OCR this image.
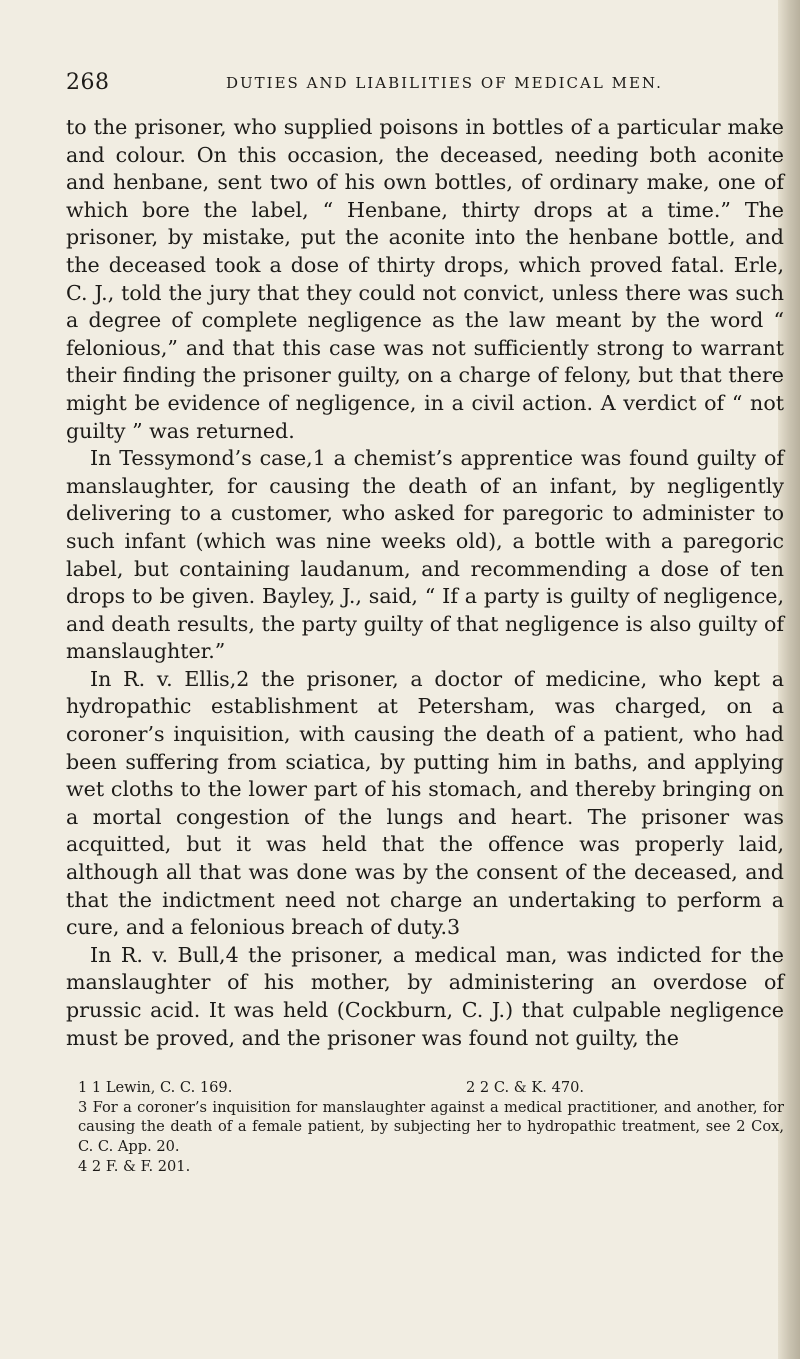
268	DUTIES AND LIABILITIES OF MEDICAL MEN.

to the prisoner, who supplied poisons in bottles of a particular make and colour. On this occasion, the deceased, needing both aconite and henbane, sent two of his own bottles, of ordinary make, one of which bore the label, “ Henbane, thirty drops at a time.” The prisoner, by mistake, put the aconite into the henbane bottle, and the deceased took a dose of thirty drops, which proved fatal. Erle, C. J., told the jury that they could not convict, unless there was such a degree of complete negligence as the law meant by the word “ felonious,” and that this case was not sufficiently strong to warrant their finding the prisoner guilty, on a charge of felony, but that there might be evidence of negligence, in a civil action. A verdict of “ not guilty ” was returned.

In Tessymond’s case,1 a chemist’s apprentice was found guilty of manslaughter, for causing the death of an infant, by negligently delivering to a customer, who asked for paregoric to administer to such infant (which was nine weeks old), a bottle with a paregoric label, but containing laudanum, and recommending a dose of ten drops to be given. Bayley, J., said, “ If a party is guilty of negligence, and death results, the party guilty of that negligence is also guilty of manslaughter.”

In R. v. Ellis,2 the prisoner, a doctor of medicine, who kept a hydropathic establishment at Petersham, was charged, on a coroner’s inquisition, with causing the death of a patient, who had been suffering from sciatica, by putting him in baths, and applying wet cloths to the lower part of his stomach, and thereby bringing on a mortal congestion of the lungs and heart. The prisoner was acquitted, but it was held that the offence was properly laid, although all that was done was by the consent of the deceased, and that the indictment need not charge an undertaking to perform a cure, and a felonious breach of duty.3

In R. v. Bull,4 the prisoner, a medical man, was indicted for the manslaughter of his mother, by administering an overdose of prussic acid. It was held (Cockburn, C. J.) that culpable negligence must be proved, and the prisoner was found not guilty, the

1 1 Lewin, C. C. 169.	2 2 C. & K. 470.

3 For a coroner’s inquisition for manslaughter against a medical practitioner, and another, for causing the death of a female patient, by subjecting her to hydropathic treatment, see 2 Cox, C. C. App. 20.

4 2 F. & F. 201.
